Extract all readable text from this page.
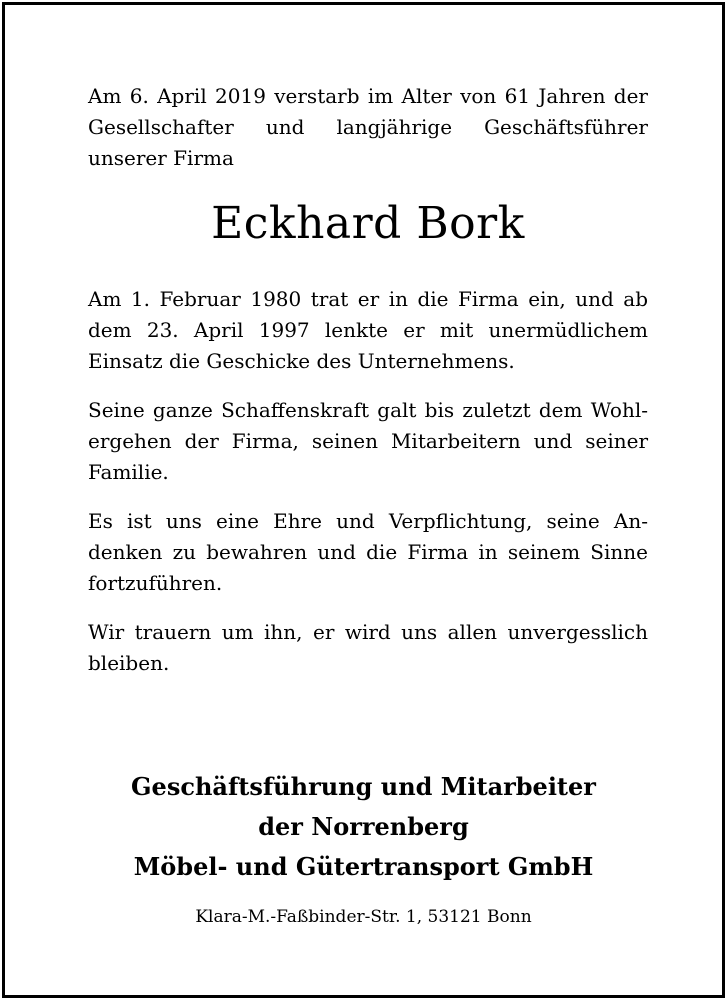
Am 6. April 2019 verstarb im Alter von 61 Jahren der Gesellschafter und langjährige Geschäftsführer unserer Firma

Eckhard Bork

Am 1. Februar 1980 trat er in die Firma ein, und ab dem 23. April 1997 lenkte er mit unermüdlichem Einsatz die Geschicke des Unternehmens.

Seine ganze Schaffenskraft galt bis zuletzt dem Wohlergehen der Firma, seinen Mitarbeitern und seiner Familie.

Es ist uns eine Ehre und Verpflichtung, seine Andenken zu bewahren und die Firma in seinem Sinne fortzuführen.

Wir trauern um ihn, er wird uns allen unvergesslich bleiben.

Geschäftsführung und Mitarbeiter
der Norrenberg
Möbel- und Gütertransport GmbH
Klara-M.-Faßbinder-Str. 1, 53121 Bonn
